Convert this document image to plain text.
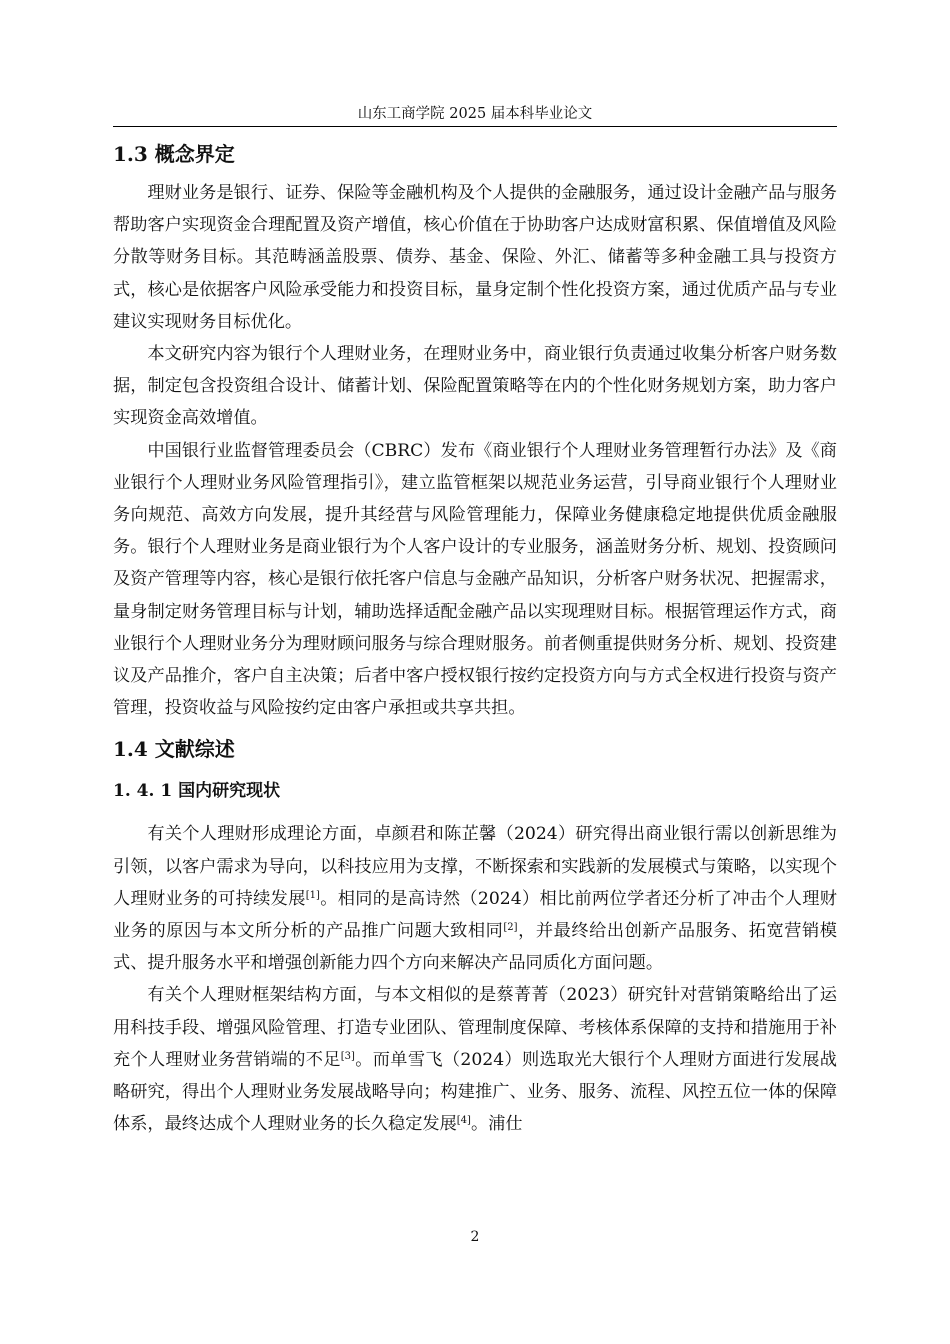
山东工商学院 2025 届本科毕业论文
1.3 概念界定

理财业务是银行、证券、保险等金融机构及个人提供的金融服务，通过设计金融产品与服务帮助客户实现资金合理配置及资产增值，核心价值在于协助客户达成财富积累、保值增值及风险分散等财务目标。其范畴涵盖股票、债券、基金、保险、外汇、储蓄等多种金融工具与投资方式，核心是依据客户风险承受能力和投资目标，量身定制个性化投资方案，通过优质产品与专业建议实现财务目标优化。

本文研究内容为银行个人理财业务，在理财业务中，商业银行负责通过收集分析客户财务数据，制定包含投资组合设计、储蓄计划、保险配置策略等在内的个性化财务规划方案，助力客户实现资金高效增值。

中国银行业监督管理委员会（CBRC）发布《商业银行个人理财业务管理暂行办法》及《商业银行个人理财业务风险管理指引》，建立监管框架以规范业务运营，引导商业银行个人理财业务向规范、高效方向发展，提升其经营与风险管理能力，保障业务健康稳定地提供优质金融服务。银行个人理财业务是商业银行为个人客户设计的专业服务，涵盖财务分析、规划、投资顾问及资产管理等内容，核心是银行依托客户信息与金融产品知识，分析客户财务状况、把握需求，量身制定财务管理目标与计划，辅助选择适配金融产品以实现理财目标。根据管理运作方式，商业银行个人理财业务分为理财顾问服务与综合理财服务。前者侧重提供财务分析、规划、投资建议及产品推介，客户自主决策；后者中客户授权银行按约定投资方向与方式全权进行投资与资产管理，投资收益与风险按约定由客户承担或共享共担。

1.4 文献综述
1. 4. 1 国内研究现状

有关个人理财形成理论方面，卓颜君和陈芷馨（2024）研究得出商业银行需以创新思维为引领，以客户需求为导向，以科技应用为支撑，不断探索和实践新的发展模式与策略，以实现个人理财业务的可持续发展[1]。相同的是高诗然（2024）相比前两位学者还分析了冲击个人理财业务的原因与本文所分析的产品推广问题大致相同[2]，并最终给出创新产品服务、拓宽营销模式、提升服务水平和增强创新能力四个方向来解决产品同质化方面问题。

有关个人理财框架结构方面，与本文相似的是蔡菁菁（2023）研究针对营销策略给出了运用科技手段、增强风险管理、打造专业团队、管理制度保障、考核体系保障的支持和措施用于补充个人理财业务营销端的不足[3]。而单雪飞（2024）则选取光大银行个人理财方面进行发展战略研究，得出个人理财业务发展战略导向；构建推广、业务、服务、流程、风控五位一体的保障体系，最终达成个人理财业务的长久稳定发展[4]。浦仕

2
